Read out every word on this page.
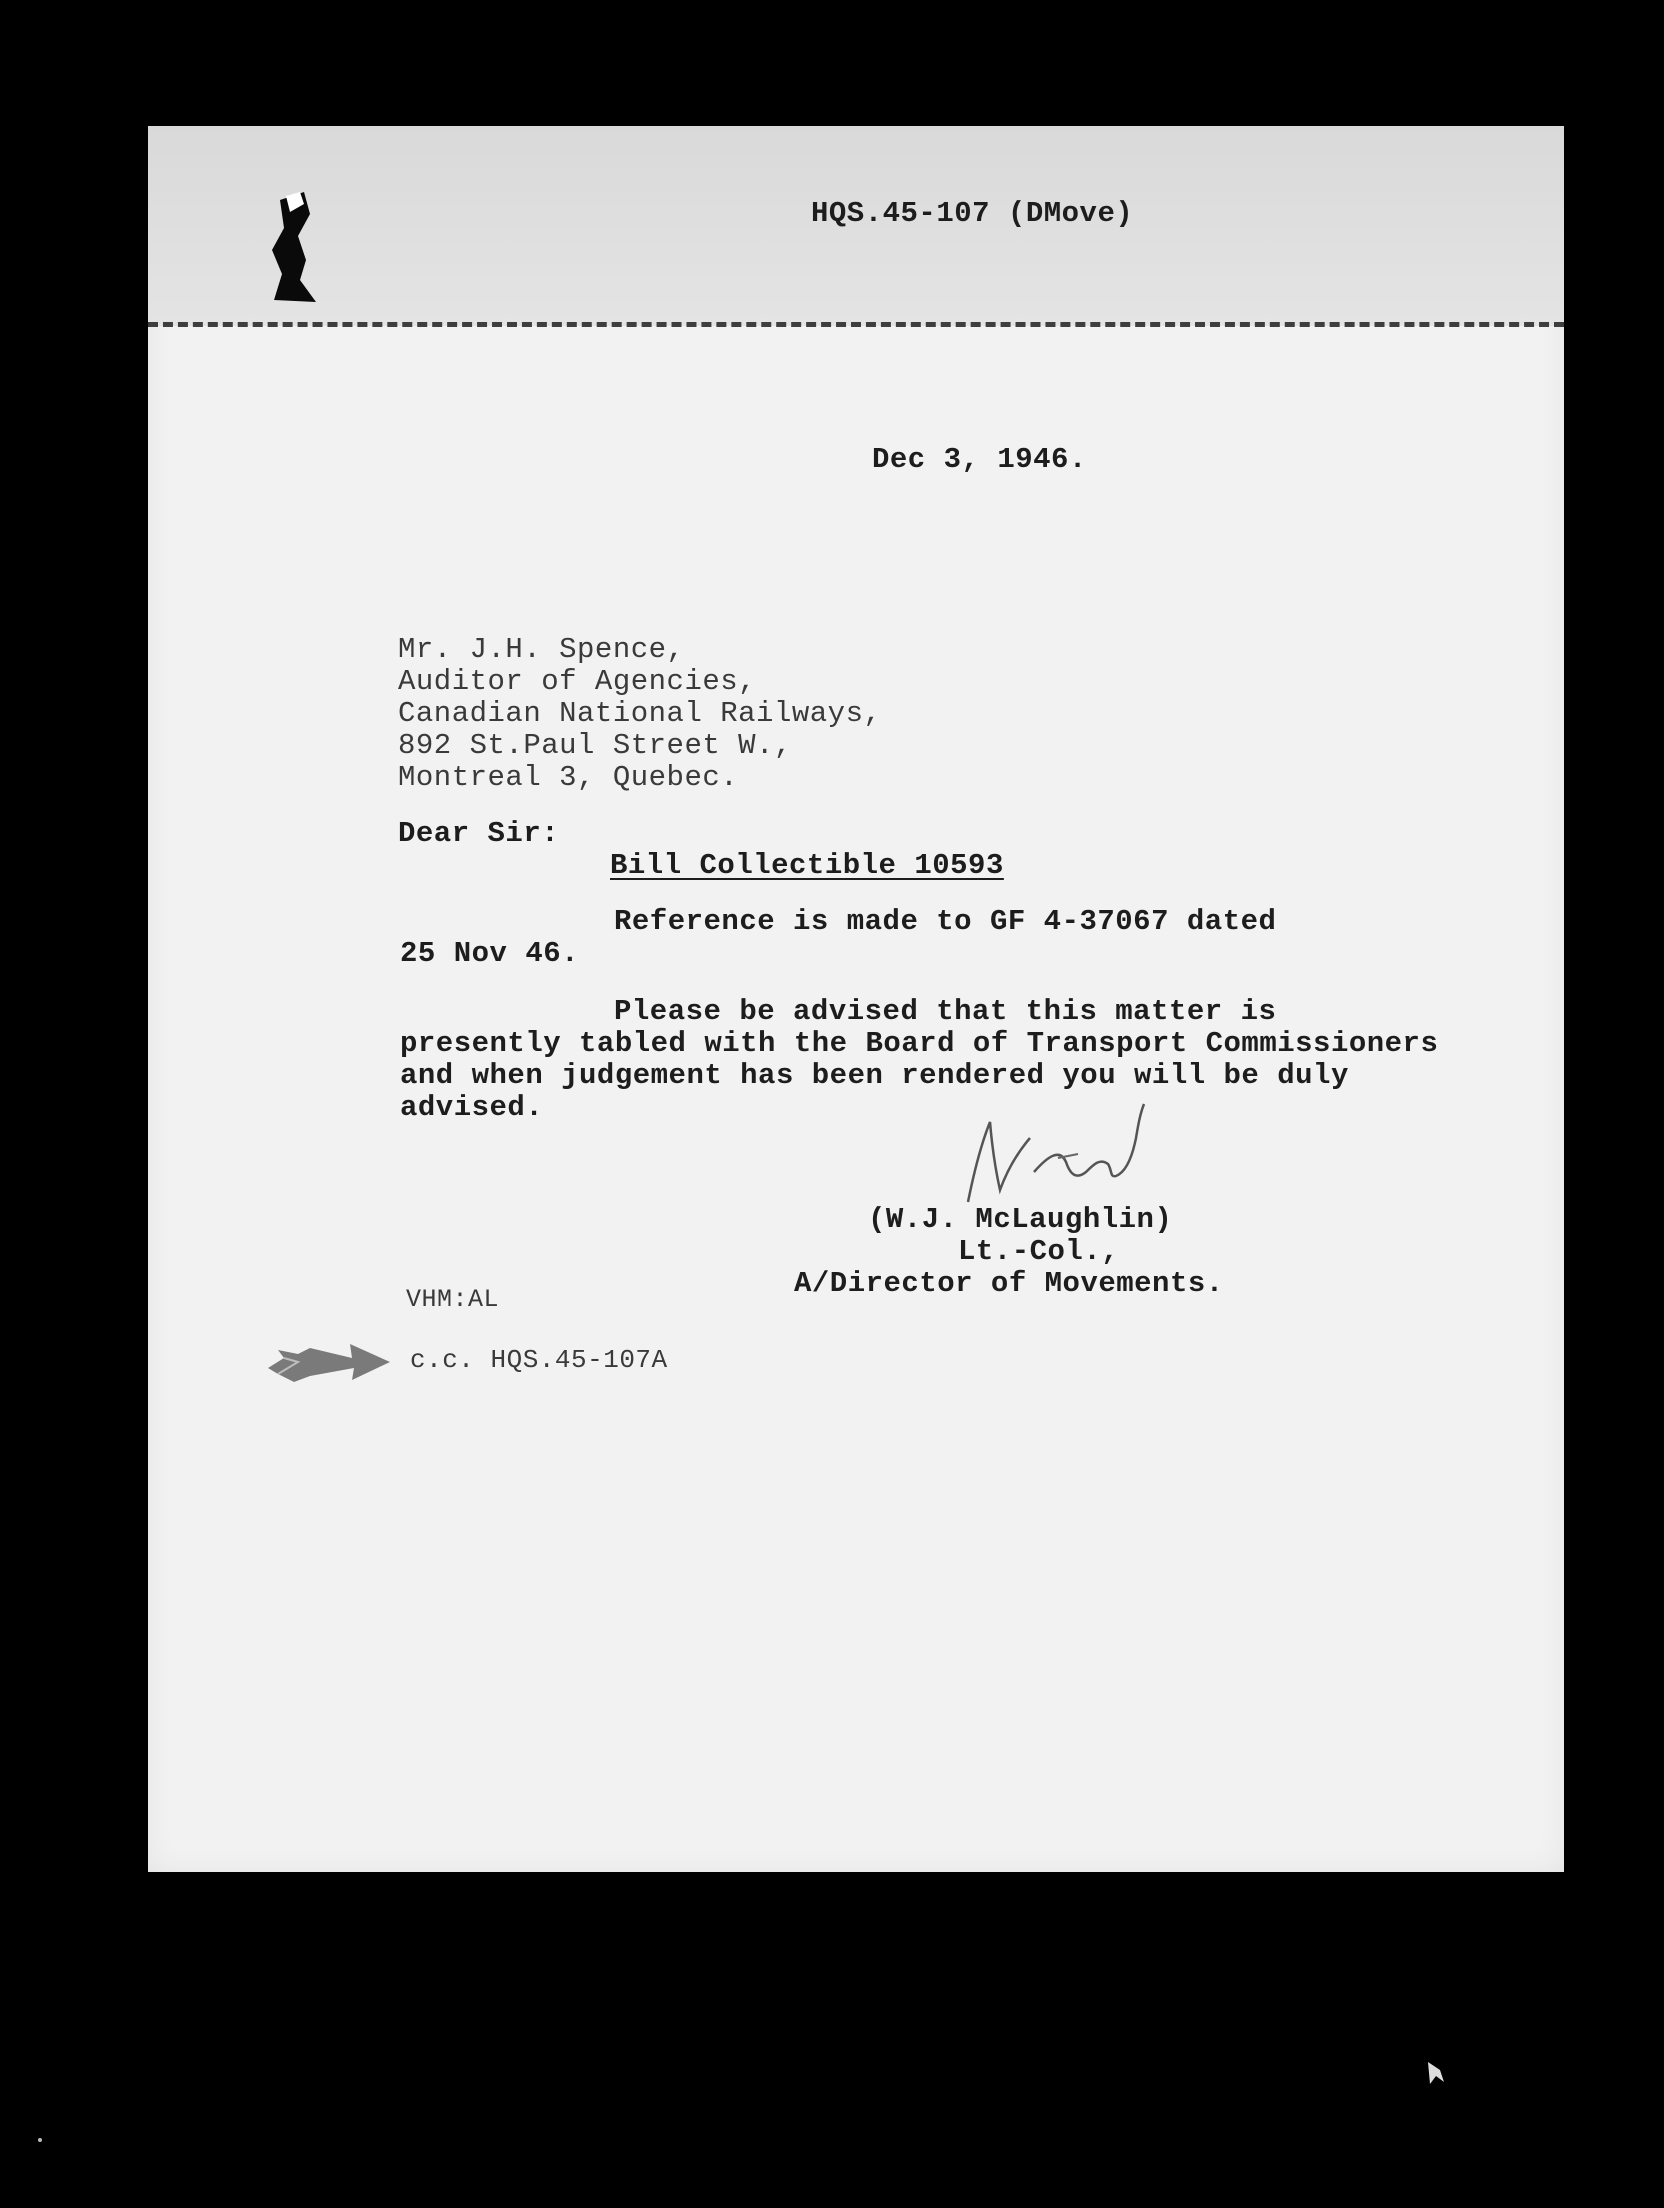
HQS.45-107 (DMove)
Dec 3, 1946.
Mr. J.H. Spence,
Auditor of Agencies,
Canadian National Railways,
892 St.Paul Street W.,
Montreal 3, Quebec.
Dear Sir:
Bill Collectible 10593
Reference is made to GF 4-37067 dated
25 Nov 46.
Please be advised that this matter is
presently tabled with the Board of Transport Commissioners
and when judgement has been rendered you will be duly
advised.
(W.J. McLaughlin)
Lt.-Col.,
A/Director of Movements.
VHM:AL
c.c. HQS.45-107A
